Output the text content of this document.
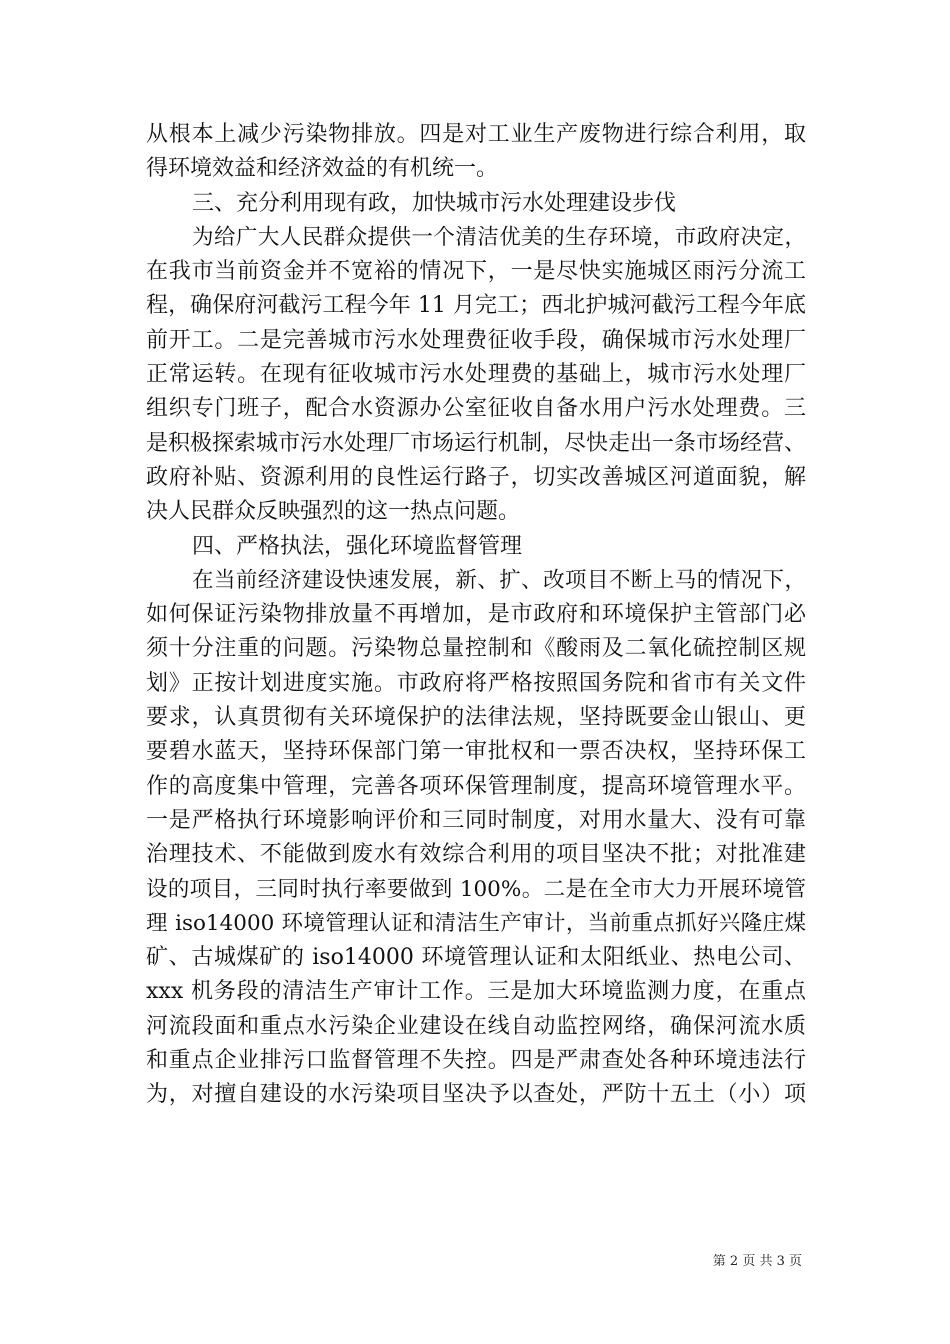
从根本上减少污染物排放。四是对工业生产废物进行综合利用，取
得环境效益和经济效益的有机统一。
三、充分利用现有政，加快城市污水处理建设步伐
为给广大人民群众提供一个清洁优美的生存环境，市政府决定，
在我市当前资金并不宽裕的情况下，一是尽快实施城区雨污分流工
程，确保府河截污工程今年 11 月完工；西北护城河截污工程今年底
前开工。二是完善城市污水处理费征收手段，确保城市污水处理厂
正常运转。在现有征收城市污水处理费的基础上，城市污水处理厂
组织专门班子，配合水资源办公室征收自备水用户污水处理费。三
是积极探索城市污水处理厂市场运行机制，尽快走出一条市场经营、
政府补贴、资源利用的良性运行路子，切实改善城区河道面貌，解
决人民群众反映强烈的这一热点问题。
四、严格执法，强化环境监督管理
在当前经济建设快速发展，新、扩、改项目不断上马的情况下，
如何保证污染物排放量不再增加，是市政府和环境保护主管部门必
须十分注重的问题。污染物总量控制和《酸雨及二氧化硫控制区规
划》正按计划进度实施。市政府将严格按照国务院和省市有关文件
要求，认真贯彻有关环境保护的法律法规，坚持既要金山银山、更
要碧水蓝天，坚持环保部门第一审批权和一票否决权，坚持环保工
作的高度集中管理，完善各项环保管理制度，提高环境管理水平。
一是严格执行环境影响评价和三同时制度，对用水量大、没有可靠
治理技术、不能做到废水有效综合利用的项目坚决不批；对批准建
设的项目，三同时执行率要做到 100%。二是在全市大力开展环境管
理 iso14000 环境管理认证和清洁生产审计，当前重点抓好兴隆庄煤
矿、古城煤矿的 iso14000 环境管理认证和太阳纸业、热电公司、
xxx 机务段的清洁生产审计工作。三是加大环境监测力度，在重点
河流段面和重点水污染企业建设在线自动监控网络，确保河流水质
和重点企业排污口监督管理不失控。四是严肃查处各种环境违法行
为，对擅自建设的水污染项目坚决予以查处，严防十五土（小）项
第 2 页 共 3 页
